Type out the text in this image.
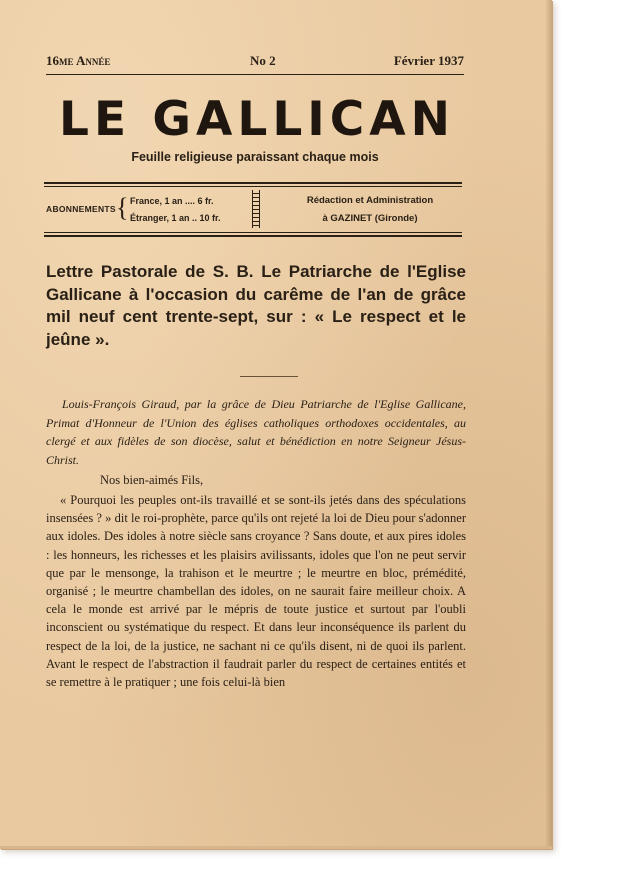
16me Année	No 2	Février 1937
LE GALLICAN
Feuille religieuse paraissant chaque mois
ABONNEMENTS { France, 1 an .... 6 fr.
Étranger, 1 an .. 10 fr.
Rédaction et Administration
à GAZINET (Gironde)
Lettre Pastorale de S. B. Le Patriarche de l'Eglise Gallicane à l'occasion du carême de l'an de grâce mil neuf cent trente-sept, sur : « Le respect et le jeûne ».
Louis-François Giraud, par la grâce de Dieu Patriarche de l'Eglise Gallicane, Primat d'Honneur de l'Union des églises catholiques orthodoxes occidentales, au clergé et aux fidèles de son diocèse, salut et bénédiction en notre Seigneur Jésus-Christ.
Nos bien-aimés Fils,
« Pourquoi les peuples ont-ils travaillé et se sont-ils jetés dans des spéculations insensées ? » dit le roi-prophète, parce qu'ils ont rejeté la loi de Dieu pour s'adonner aux idoles. Des idoles à notre siècle sans croyance ? Sans doute, et aux pires idoles : les honneurs, les richesses et les plaisirs avilissants, idoles que l'on ne peut servir que par le mensonge, la trahison et le meurtre ; le meurtre en bloc, prémédité, organisé ; le meurtre chambellan des idoles, on ne saurait faire meilleur choix. A cela le monde est arrivé par le mépris de toute justice et surtout par l'oubli inconscient ou systématique du respect. Et dans leur inconséquence ils parlent du respect de la loi, de la justice, ne sachant ni ce qu'ils disent, ni de quoi ils parlent. Avant le respect de l'abstraction il faudrait parler du respect de certaines entités et se remettre à le pratiquer ; une fois celui-là bien
